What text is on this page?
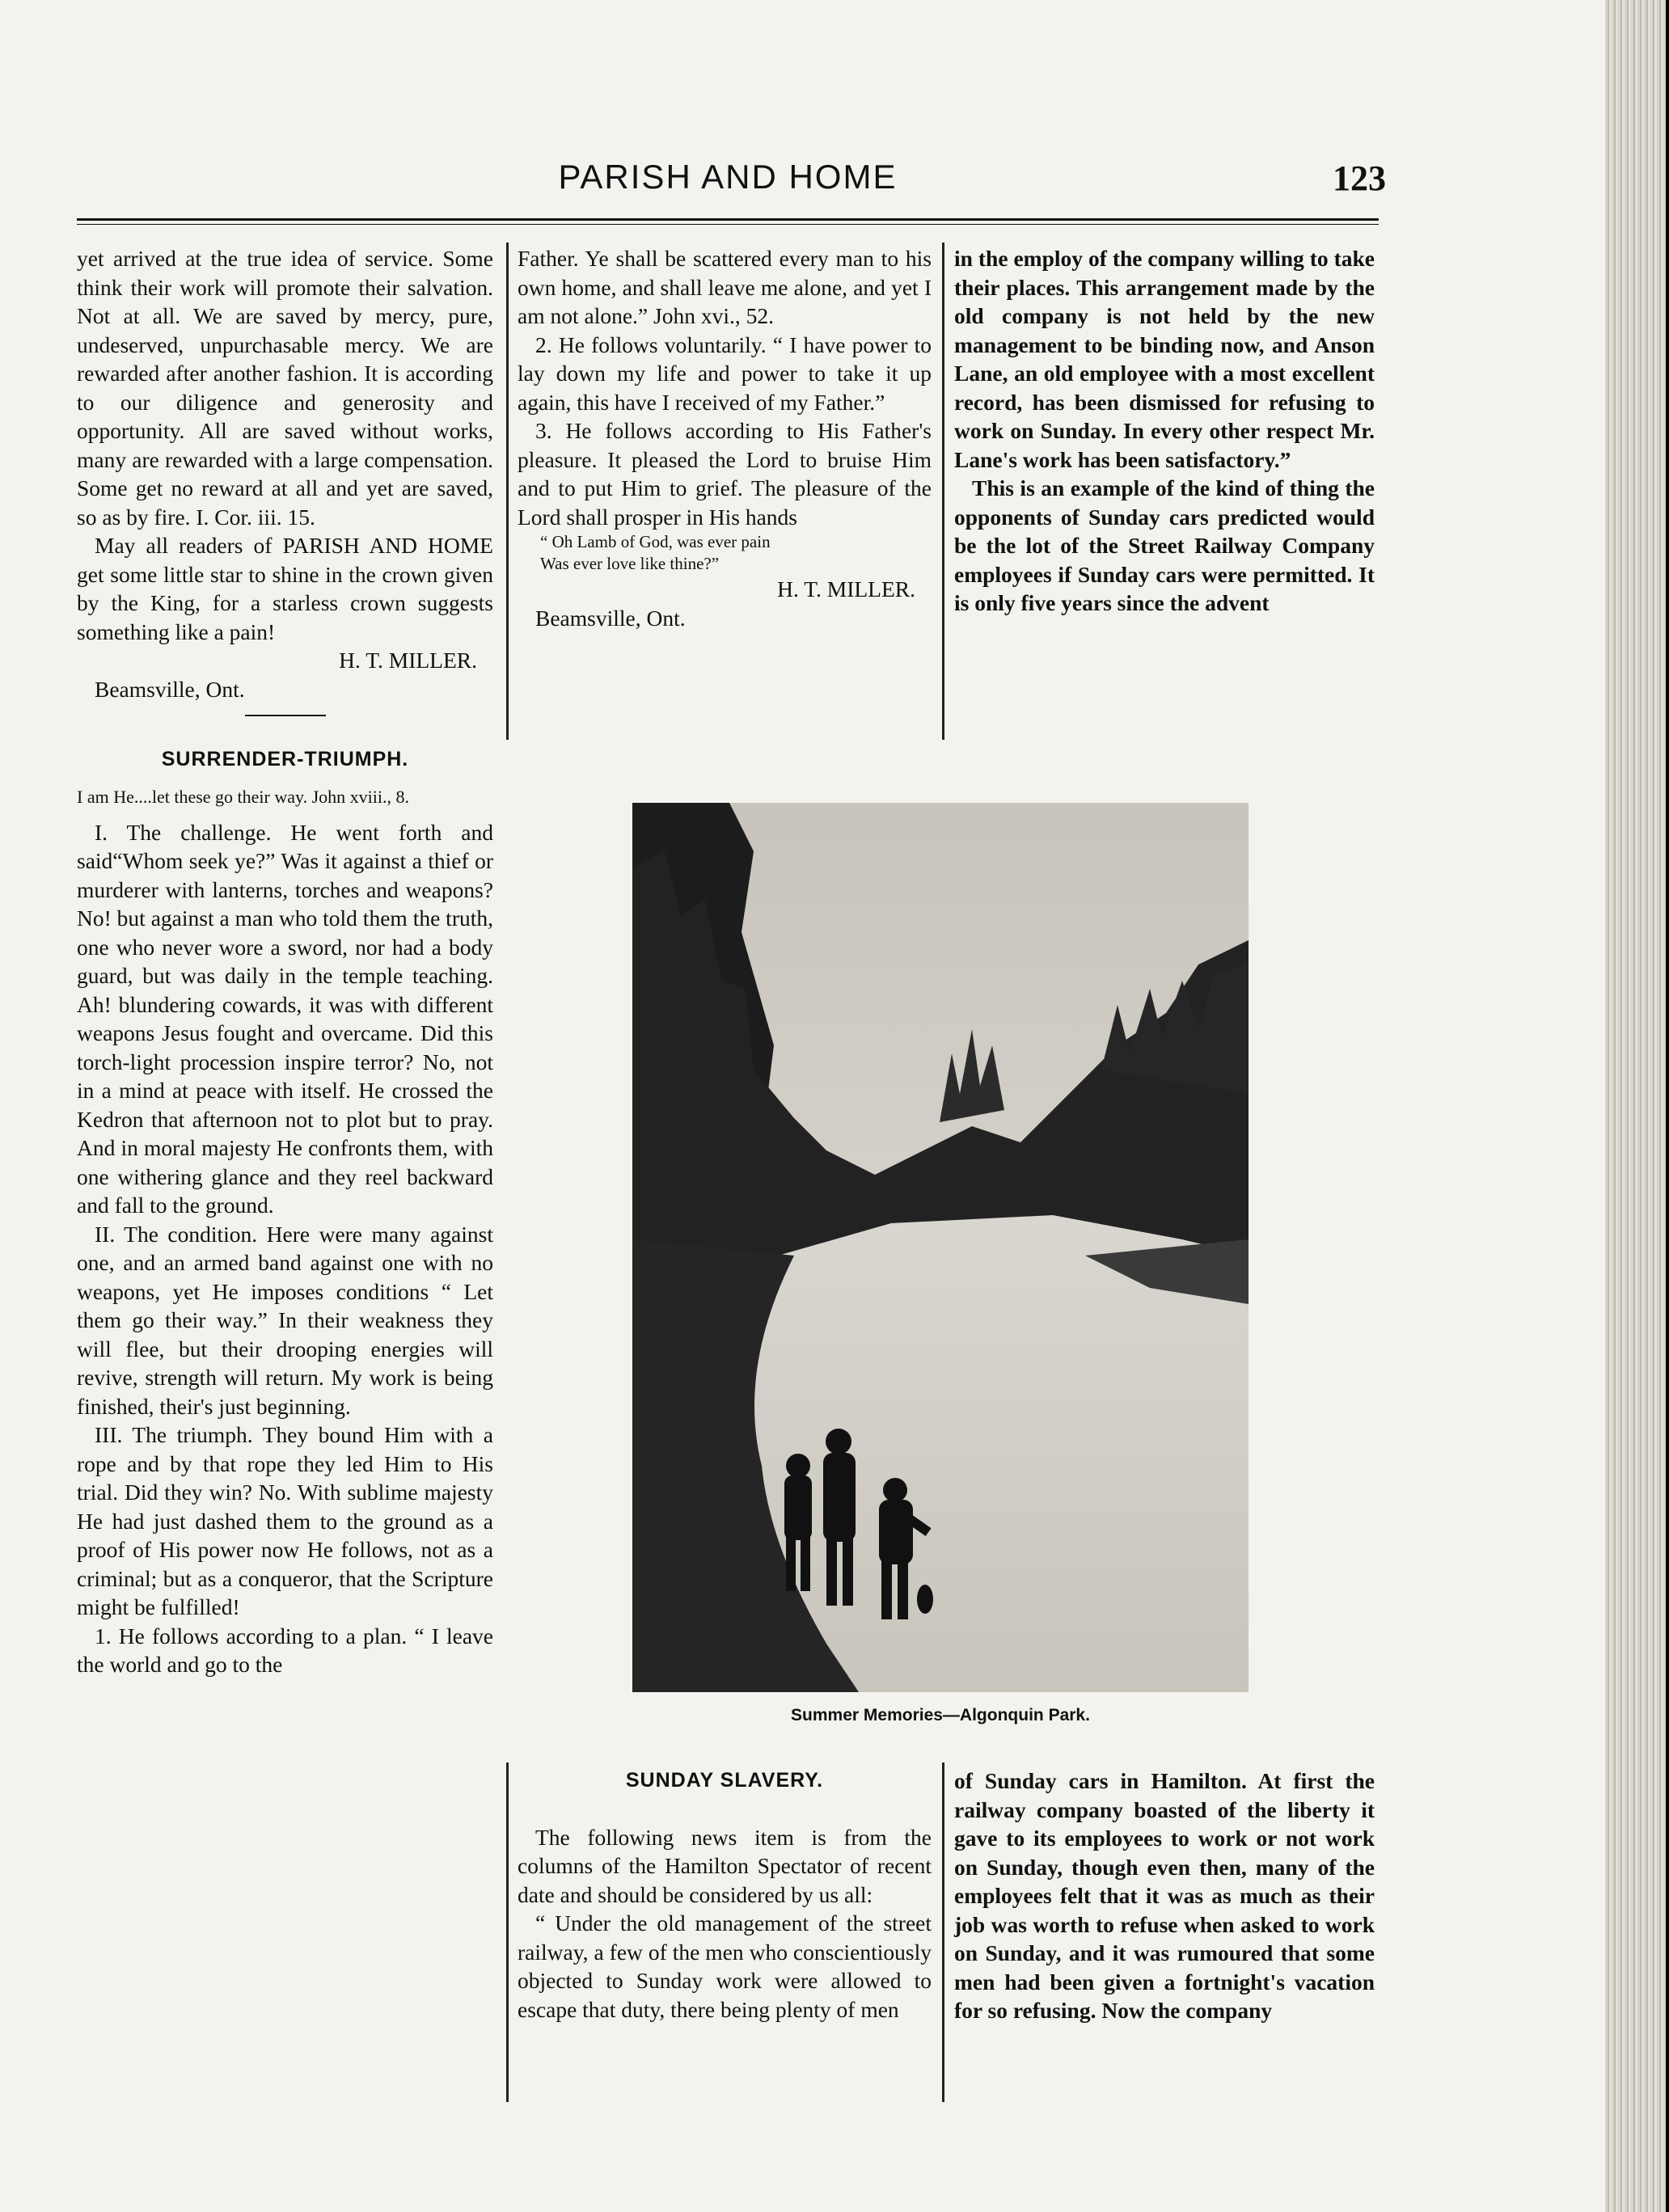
PARISH AND HOME	123

yet arrived at the true idea of service. Some think their work will promote their salvation. Not at all. We are saved by mercy, pure, undeserved, unpurchasable mercy. We are rewarded after another fashion. It is according to our diligence and generosity and opportunity. All are saved without works, many are rewarded with a large compensation. Some get no reward at all and yet are saved, so as by fire. I. Cor. iii. 15.

May all readers of PARISH AND HOME get some little star to shine in the crown given by the King, for a starless crown suggests something like a pain!

H. T. MILLER.

Beamsville, Ont.

SURRENDER-TRIUMPH.

I am He....let these go their way. John xviii., 8.

I. The challenge. He went forth and said“Whom seek ye?” Was it against a thief or murderer with lanterns, torches and weapons? No! but against a man who told them the truth, one who never wore a sword, nor had a body guard, but was daily in the temple teaching. Ah! blundering cowards, it was with different weapons Jesus fought and overcame. Did this torch-light procession inspire terror? No, not in a mind at peace with itself. He crossed the Kedron that afternoon not to plot but to pray. And in moral majesty He confronts them, with one withering glance and they reel backward and fall to the ground.

II. The condition. Here were many against one, and an armed band against one with no weapons, yet He imposes conditions “ Let them go their way.” In their weakness they will flee, but their drooping energies will revive, strength will return. My work is being finished, their's just beginning.

III. The triumph. They bound Him with a rope and by that rope they led Him to His trial. Did they win? No. With sublime majesty He had just dashed them to the ground as a proof of His power now He follows, not as a criminal; but as a conqueror, that the Scripture might be fulfilled!

1. He follows according to a plan. “ I leave the world and go to the

Father. Ye shall be scattered every man to his own home, and shall leave me alone, and yet I am not alone.” John xvi., 52.

2. He follows voluntarily. “ I have power to lay down my life and power to take it up again, this have I received of my Father.”

3. He follows according to His Father's pleasure. It pleased the Lord to bruise Him and to put Him to grief. The pleasure of the Lord shall prosper in His hands

“ Oh Lamb of God, was ever pain

Was ever love like thine?”

H. T. MILLER.

Beamsville, Ont.

in the employ of the company willing to take their places. This arrangement made by the old company is not held by the new management to be binding now, and Anson Lane, an old employee with a most excellent record, has been dismissed for refusing to work on Sunday. In every other respect Mr. Lane's work has been satisfactory.”

This is an example of the kind of thing the opponents of Sunday cars predicted would be the lot of the Street Railway Company employees if Sunday cars were permitted. It is only five years since the advent

Summer Memories—Algonquin Park.

SUNDAY SLAVERY.

The following news item is from the columns of the Hamilton Spectator of recent date and should be considered by us all:

“ Under the old management of the street railway, a few of the men who conscientiously objected to Sunday work were allowed to escape that duty, there being plenty of men

of Sunday cars in Hamilton. At first the railway company boasted of the liberty it gave to its employees to work or not work on Sunday, though even then, many of the employees felt that it was as much as their job was worth to refuse when asked to work on Sunday, and it was rumoured that some men had been given a fortnight's vacation for so refusing. Now the company
